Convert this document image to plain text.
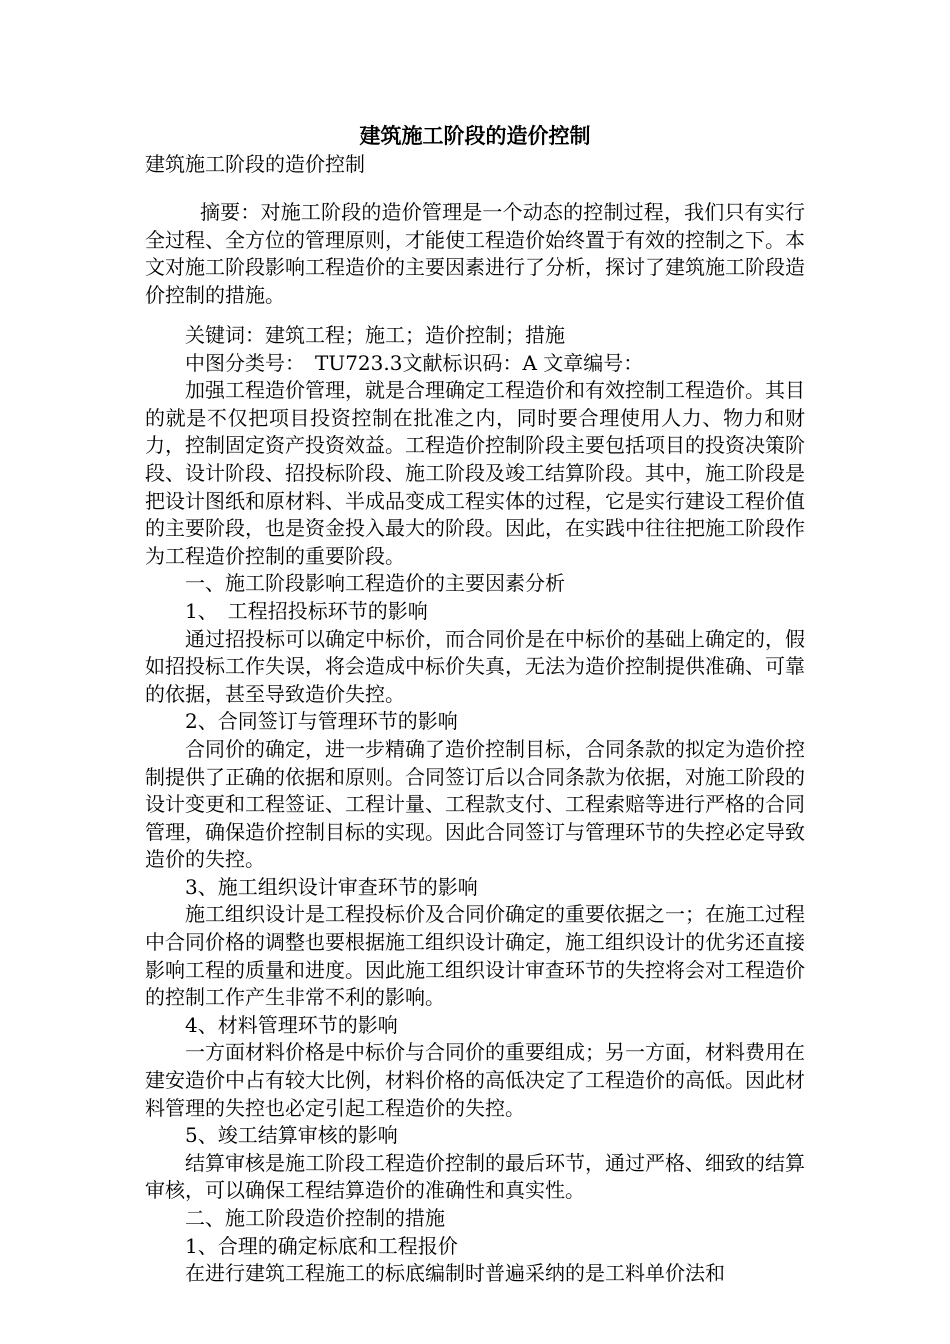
建筑施工阶段的造价控制
建筑施工阶段的造价控制

摘要：对施工阶段的造价管理是一个动态的控制过程，我们只有实行全过程、全方位的管理原则，才能使工程造价始终置于有效的控制之下。本文对施工阶段影响工程造价的主要因素进行了分析，探讨了建筑施工阶段造价控制的措施。

关键词：建筑工程；施工；造价控制；措施

中图分类号：　TU723.3文献标识码：A 文章编号：

加强工程造价管理，就是合理确定工程造价和有效控制工程造价。其目的就是不仅把项目投资控制在批准之内，同时要合理使用人力、物力和财力，控制固定资产投资效益。工程造价控制阶段主要包括项目的投资决策阶段、设计阶段、招投标阶段、施工阶段及竣工结算阶段。其中，施工阶段是把设计图纸和原材料、半成品变成工程实体的过程，它是实行建设工程价值的主要阶段，也是资金投入最大的阶段。因此，在实践中往往把施工阶段作为工程造价控制的重要阶段。

一、施工阶段影响工程造价的主要因素分析

1、　工程招投标环节的影响

通过招投标可以确定中标价，而合同价是在中标价的基础上确定的，假如招投标工作失误，将会造成中标价失真，无法为造价控制提供准确、可靠的依据，甚至导致造价失控。

2、合同签订与管理环节的影响

合同价的确定，进一步精确了造价控制目标，合同条款的拟定为造价控制提供了正确的依据和原则。合同签订后以合同条款为依据，对施工阶段的设计变更和工程签证、工程计量、工程款支付、工程索赔等进行严格的合同管理，确保造价控制目标的实现。因此合同签订与管理环节的失控必定导致造价的失控。

3、施工组织设计审查环节的影响

施工组织设计是工程投标价及合同价确定的重要依据之一；在施工过程中合同价格的调整也要根据施工组织设计确定，施工组织设计的优劣还直接影响工程的质量和进度。因此施工组织设计审查环节的失控将会对工程造价的控制工作产生非常不利的影响。

4、材料管理环节的影响

一方面材料价格是中标价与合同价的重要组成；另一方面，材料费用在建安造价中占有较大比例，材料价格的高低决定了工程造价的高低。因此材料管理的失控也必定引起工程造价的失控。

5、竣工结算审核的影响

结算审核是施工阶段工程造价控制的最后环节，通过严格、细致的结算审核，可以确保工程结算造价的准确性和真实性。

二、施工阶段造价控制的措施

1、合理的确定标底和工程报价

在进行建筑工程施工的标底编制时普遍采纳的是工料单价法和
